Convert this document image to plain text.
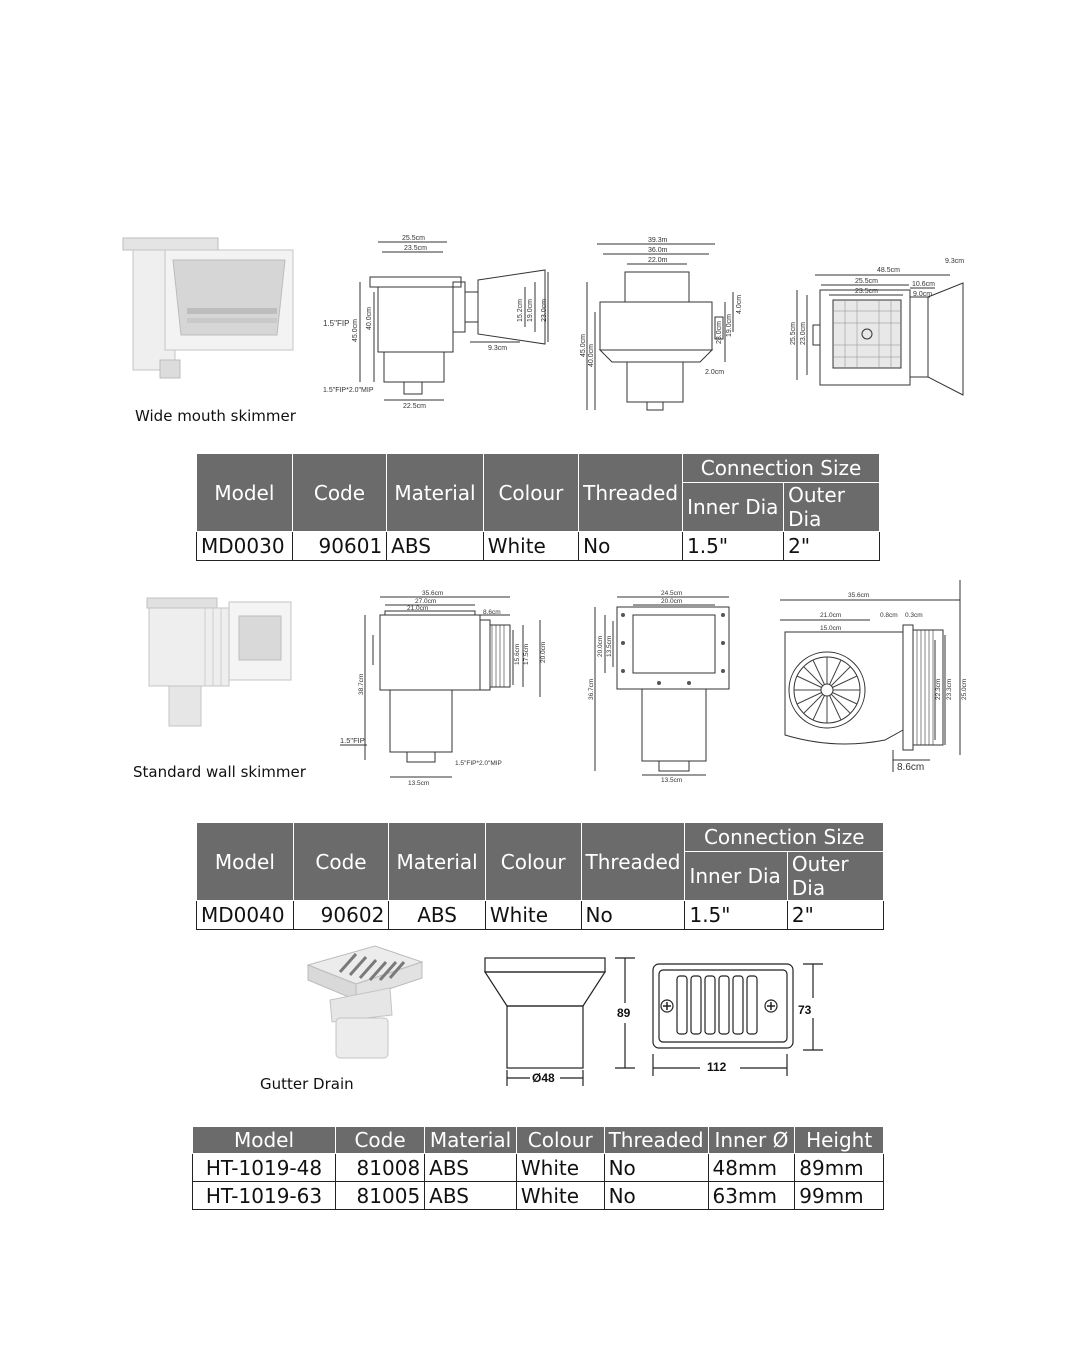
Wide mouth skimmer
25.5cm
23.5cm
1.5"FIP 45.0cm
40.0cm	15.2cm 19.0cm 23.0cm
9.3cm
1.5"FIP*2.0"MIP
22.5cm
39.3m
36.0m
22.0m
45.0cm 40.0cm
23.0cm 19.0cm
4.0cm
2.0cm
48.5cm
25.5cm
23.5cm
10.6cm
9.0cm
9.3cm
25.5cm 23.0cm
Model	Code	Material	Colour	Threaded	Connection Size	
					Inner Dia	Outer Dia
MD0030	90601	ABS	White	No	1.5"	2"
Standard wall skimmer
35.6cm
27.0cm
21.0cm
8.6cm
15.6cm 17.5cm 20.0cm
38.7cm
1.5"FIP
1.5"FIP*2.0"MIP
13.5cm
24.5cm
20.0cm
20.0cm 13.5cm
36.7cm
13.5cm
35.6cm
21.0cm
15.0cm
0.8cm 0.3cm
22.3cm 23.3cm 25.0cm
8.6cm
Model	Code	Material	Colour	Threaded	Connection Size	
					Inner Dia	Outer Dia
MD0040	90602	ABS	White	No	1.5"	2"
Gutter Drain
89
Ø48
73
112
Model	Code	Material	Colour	Threaded	Inner Ø	Height
HT-1019-48	81008	ABS	White	No	48mm	89mm
HT-1019-63	81005	ABS	White	No	63mm	99mm
